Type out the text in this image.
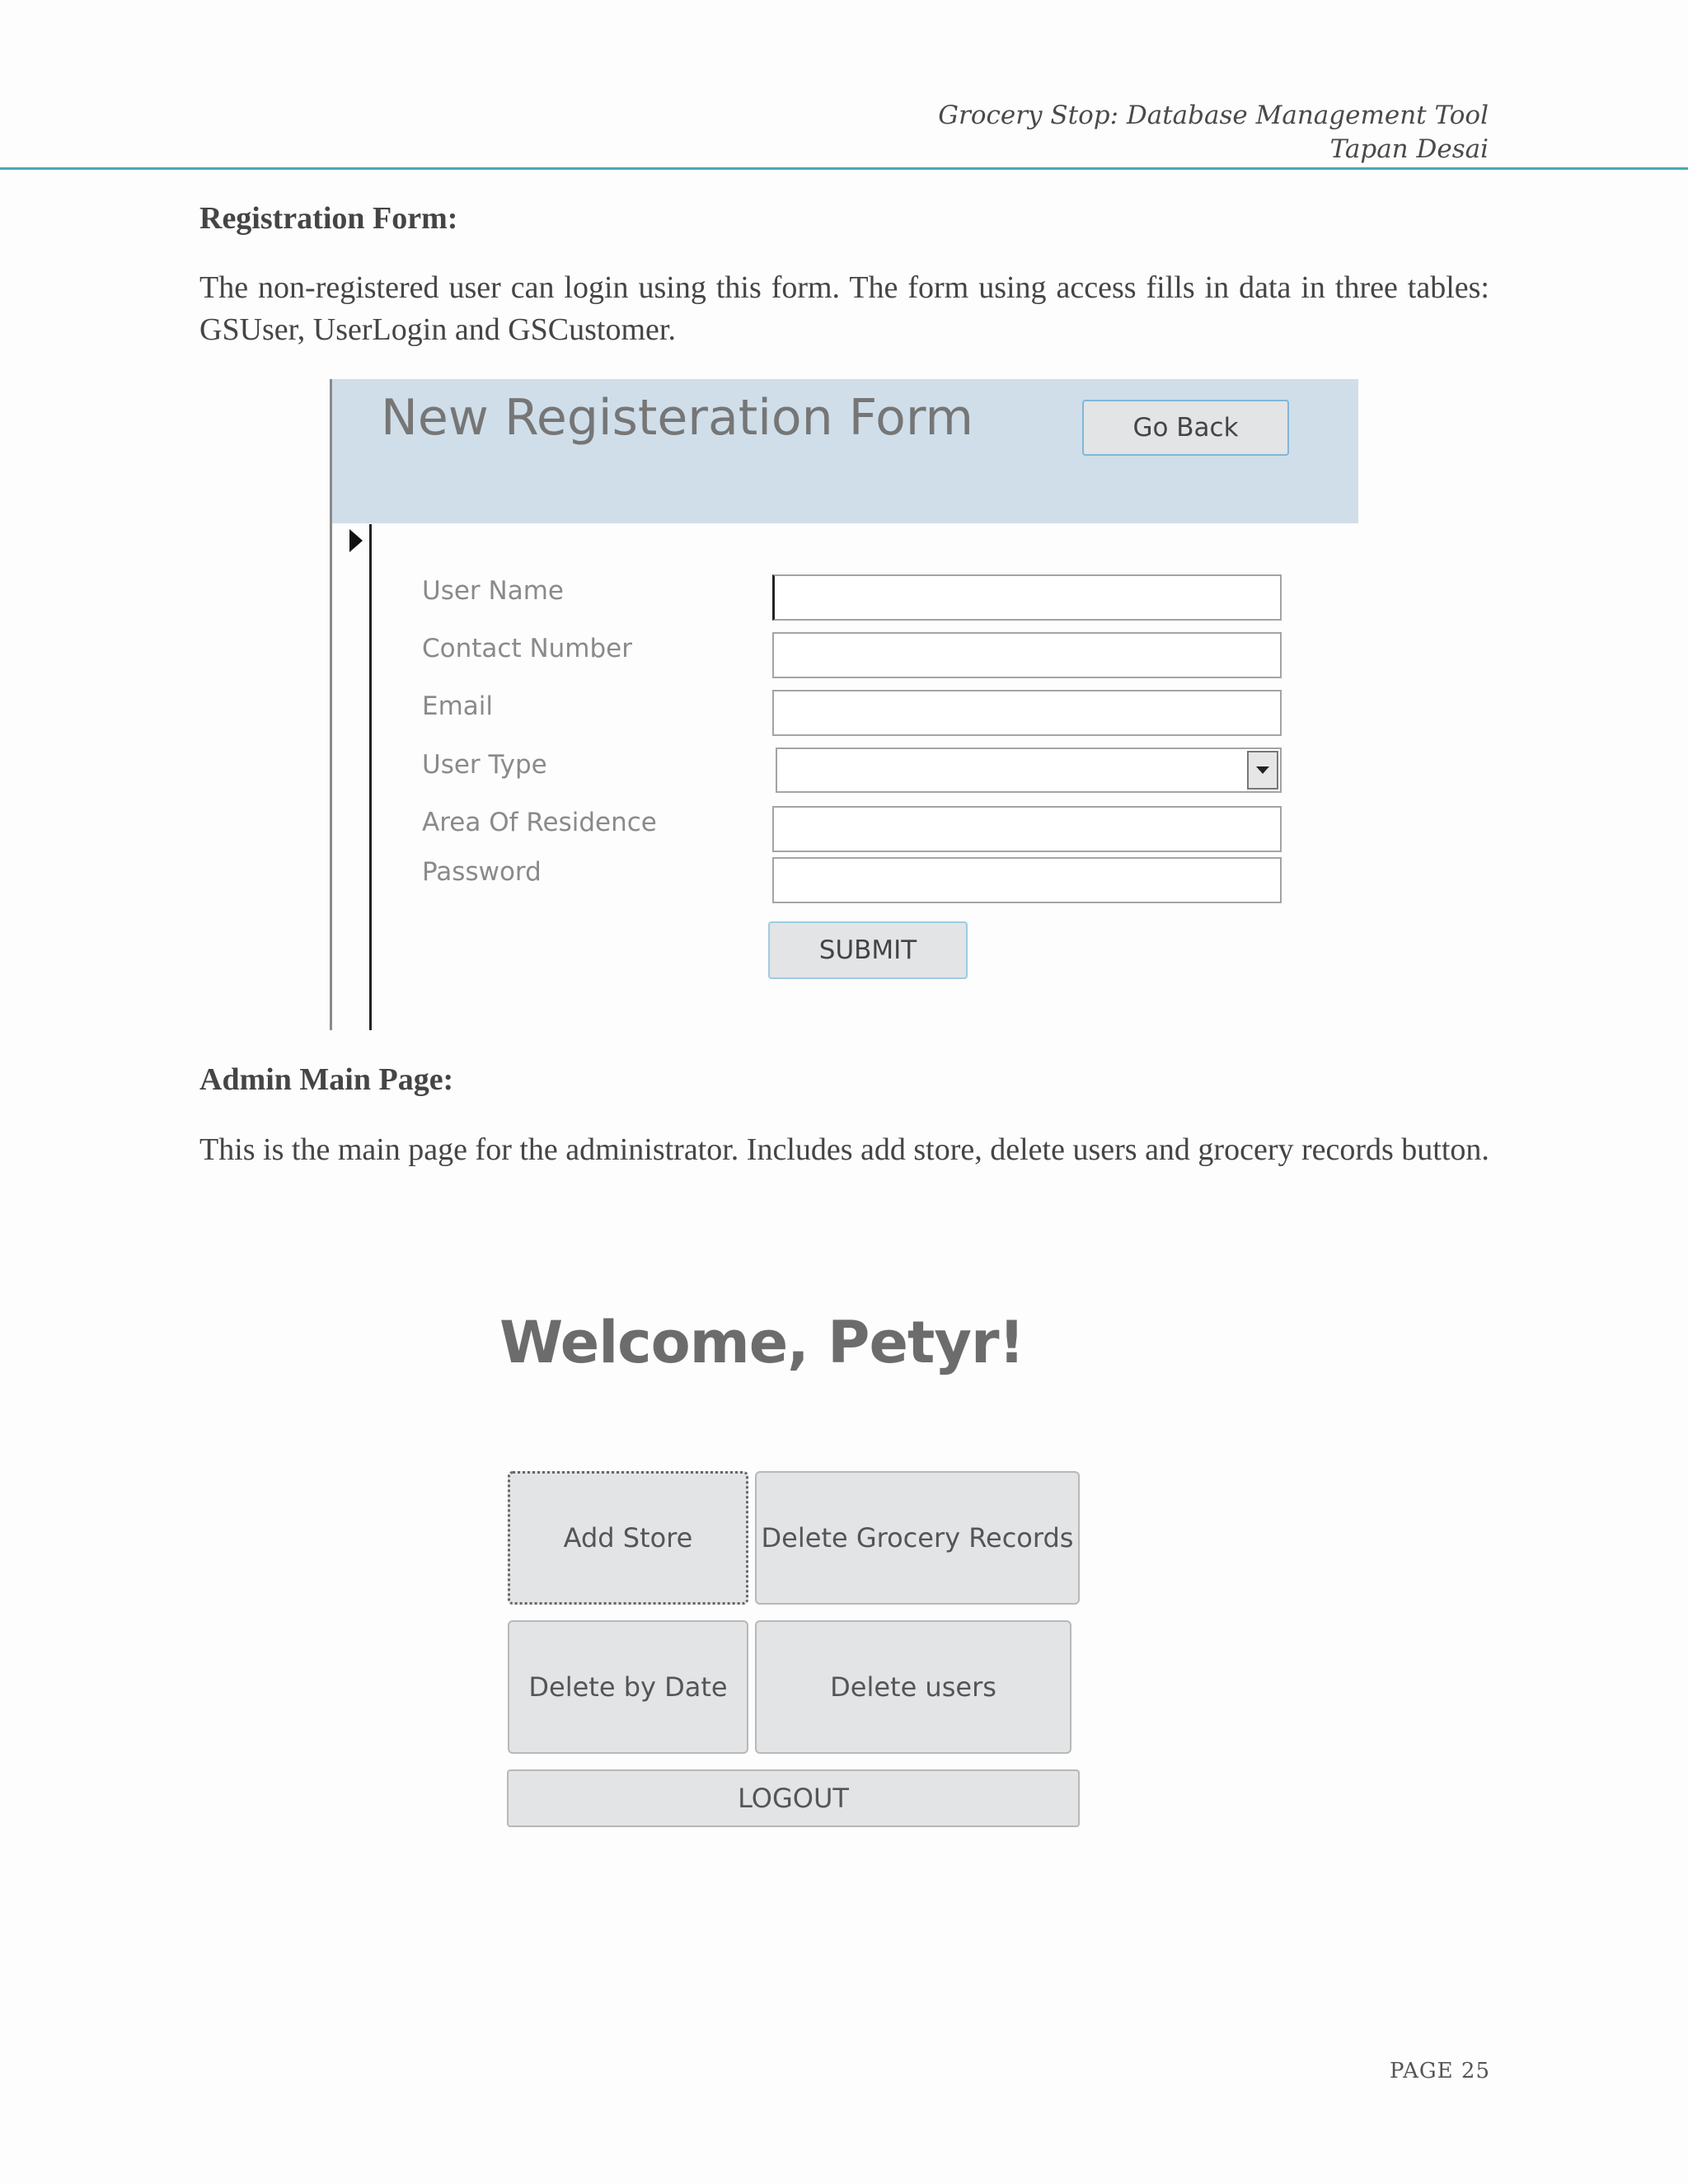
Grocery Stop: Database Management Tool
Tapan Desai
Registration Form:
The non-registered user can login using this form. The form using access fills in data in three tables: GSUser, UserLogin and GSCustomer.
New Registeration Form	Go Back
User Name
Contact Number
Email
User Type
Area Of Residence
Password
SUBMIT
Admin Main Page:
This is the main page for the administrator. Includes add store, delete users and grocery records button.
Welcome, Petyr!
Add Store	Delete Grocery Records
Delete by Date	Delete users
LOGOUT
PAGE 25
